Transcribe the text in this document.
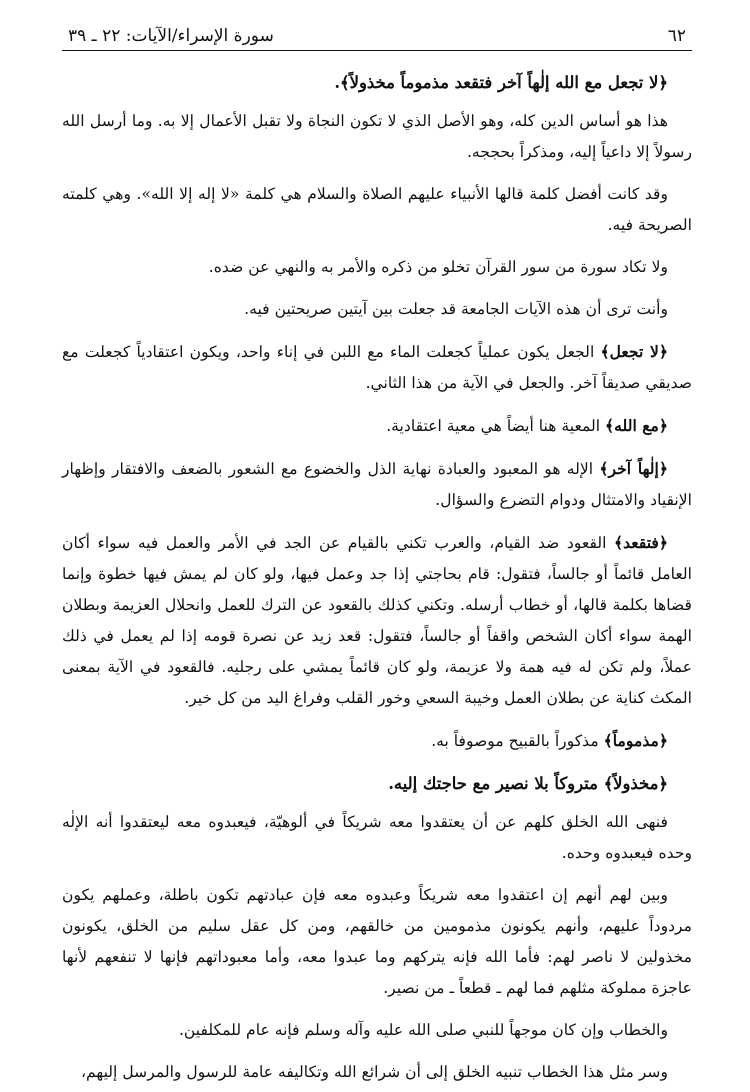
٦٢
سورة الإسراء/الآيات: ٢٢ ـ ٣٩

﴿لا تجعل مع الله إلٰهاً آخر فتقعد مذموماً مخذولاً﴾.

هذا هو أساس الدين كله، وهو الأصل الذي لا تكون النجاة ولا تقبل الأعمال إلا به. وما أرسل الله رسولاً إلا داعياً إليه، ومذكراً بحججه.

وقد كانت أفضل كلمة قالها الأنبياء عليهم الصلاة والسلام هي كلمة «لا إله إلا الله». وهي كلمته الصريحة فيه.

ولا تكاد سورة من سور القرآن تخلو من ذكره والأمر به والنهي عن ضده.

وأنت ترى أن هذه الآيات الجامعة قد جعلت بين آيتين صريحتين فيه.

﴿لا تجعل﴾ الجعل يكون عملياً كجعلت الماء مع اللبن في إناء واحد، ويكون اعتقادياً كجعلت مع صديقي صديقاً آخر. والجعل في الآية من هذا الثاني.

﴿مع الله﴾ المعية هنا أيضاً هي معية اعتقادية.

﴿إلٰهاً آخر﴾ الإله هو المعبود والعبادة نهاية الذل والخضوع مع الشعور بالضعف والافتقار وإظهار الإنقياد والامتثال ودوام التضرع والسؤال.

﴿فتقعد﴾ القعود ضد القيام، والعرب تكني بالقيام عن الجد في الأمر والعمل فيه سواء أكان العامل قائماً أو جالساً، فتقول: قام بحاجتي إذا جد وعمل فيها، ولو كان لم يمش فيها خطوة وإنما قضاها بكلمة قالها، أو خطاب أرسله. وتكني كذلك بالقعود عن الترك للعمل وانحلال العزيمة وبطلان الهمة سواء أكان الشخص واقفاً أو جالساً، فتقول: قعد زيد عن نصرة قومه إذا لم يعمل في ذلك عملاً، ولم تكن له فيه همة ولا عزيمة، ولو كان قائماً يمشي على رجليه. فالقعود في الآية بمعنى المكث كناية عن بطلان العمل وخيبة السعي وخور القلب وفراغ اليد من كل خير.

﴿مذموماً﴾ مذكوراً بالقبيح موصوفاً به.

﴿مخذولاً﴾ متروكاً بلا نصير مع حاجتك إليه.

فنهى الله الخلق كلهم عن أن يعتقدوا معه شريكاً في ألوهيّة، فيعبدوه معه ليعتقدوا أنه الإلٰه وحده فيعبدوه وحده.

وبين لهم أنهم إن اعتقدوا معه شريكاً وعبدوه معه فإن عبادتهم تكون باطلة، وعملهم يكون مردوداً عليهم، وأنهم يكونون مذمومين من خالقهم، ومن كل عقل سليم من الخلق، يكونون مخذولين لا ناصر لهم: فأما الله فإنه يتركهم وما عبدوا معه، وأما معبوداتهم فإنها لا تنفعهم لأنها عاجزة مملوكة مثلهم فما لهم ـ قطعاً ـ من نصير.

والخطاب وإن كان موجهاً للنبي صلى الله عليه وآله وسلم فإنه عام للمكلفين.

وسر مثل هذا الخطاب تنبيه الخلق إلى أن شرائع الله وتكاليفه عامة للرسول والمرسل إليهم،
